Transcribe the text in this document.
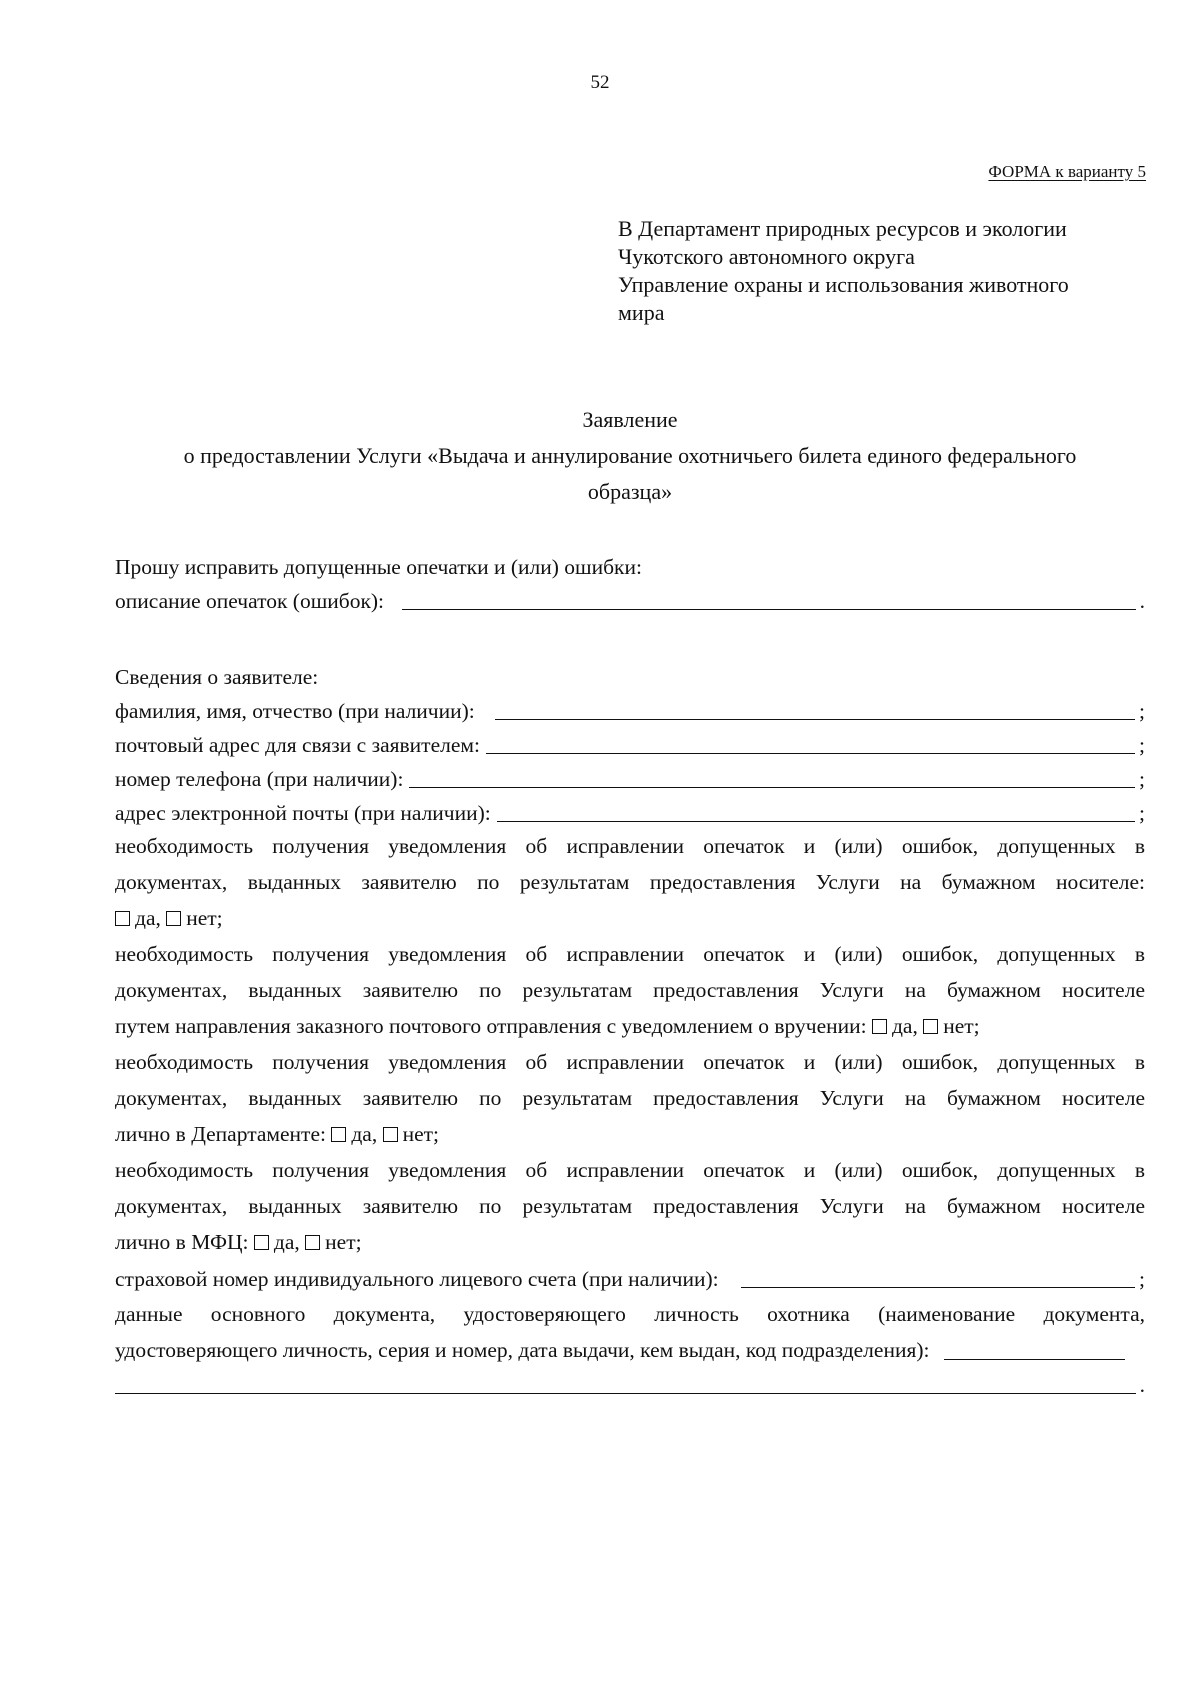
52
ФОРМА к варианту 5
В Департамент природных ресурсов и экологии
Чукотского автономного округа
Управление охраны и использования животного
мира
Заявление
о предоставлении Услуги «Выдача и аннулирование охотничьего билета единого федерального
образца»
Прошу исправить допущенные опечатки и (или) ошибки:
описание опечаток (ошибок):	.
Сведения о заявителе:
фамилия, имя, отчество (при наличии):	;
почтовый адрес для связи с заявителем:	;
номер телефона (при наличии):	;
адрес электронной почты (при наличии):	;
необходимость получения уведомления об исправлении опечаток и (или) ошибок, допущенных в
документах, выданных заявителю по результатам предоставления Услуги на бумажном носителе:
да, нет;
необходимость получения уведомления об исправлении опечаток и (или) ошибок, допущенных в
документах, выданных заявителю по результатам предоставления Услуги на бумажном носителе
путем направления заказного почтового отправления с уведомлением о вручении: да, нет;
необходимость получения уведомления об исправлении опечаток и (или) ошибок, допущенных в
документах, выданных заявителю по результатам предоставления Услуги на бумажном носителе
лично в Департаменте: да, нет;
необходимость получения уведомления об исправлении опечаток и (или) ошибок, допущенных в
документах, выданных заявителю по результатам предоставления Услуги на бумажном носителе
лично в МФЦ: да, нет;
страховой номер индивидуального лицевого счета (при наличии):	;
данные основного документа, удостоверяющего личность охотника (наименование документа,
удостоверяющего личность, серия и номер, дата выдачи, кем выдан, код подразделения):
.
